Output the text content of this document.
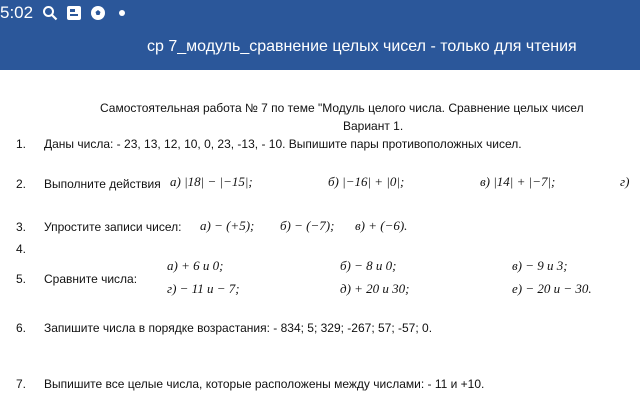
5:02
ср 7_модуль_сравнение целых чисел - только для чтения
Самостоятельная работа № 7 по теме "Модуль целого числа. Сравнение целых чисел
Вариант 1.
1. Даны числа: - 23, 13, 12, 10, 0, 23, -13, - 10. Выпишите пары противоположных чисел.
2. Выполните действия а) |18| − |−15|;	б) |−16| + |0|;	в) |14| + |−7|;	г)
3. Упростите записи чисел: а) − (+5); б) − (−7); в) + (−6).
4.
5. Сравните числа:
а) + 6 и 0;	б) − 8 и 0;	в) − 9 и 3;
г) − 11 и − 7;	д) + 20 и 30;	е) − 20 и − 30.
6. Запишите числа в порядке возрастания: - 834; 5; 329; -267; 57; -57; 0.
7. Выпишите все целые числа, которые расположены между числами: - 11 и +10.
